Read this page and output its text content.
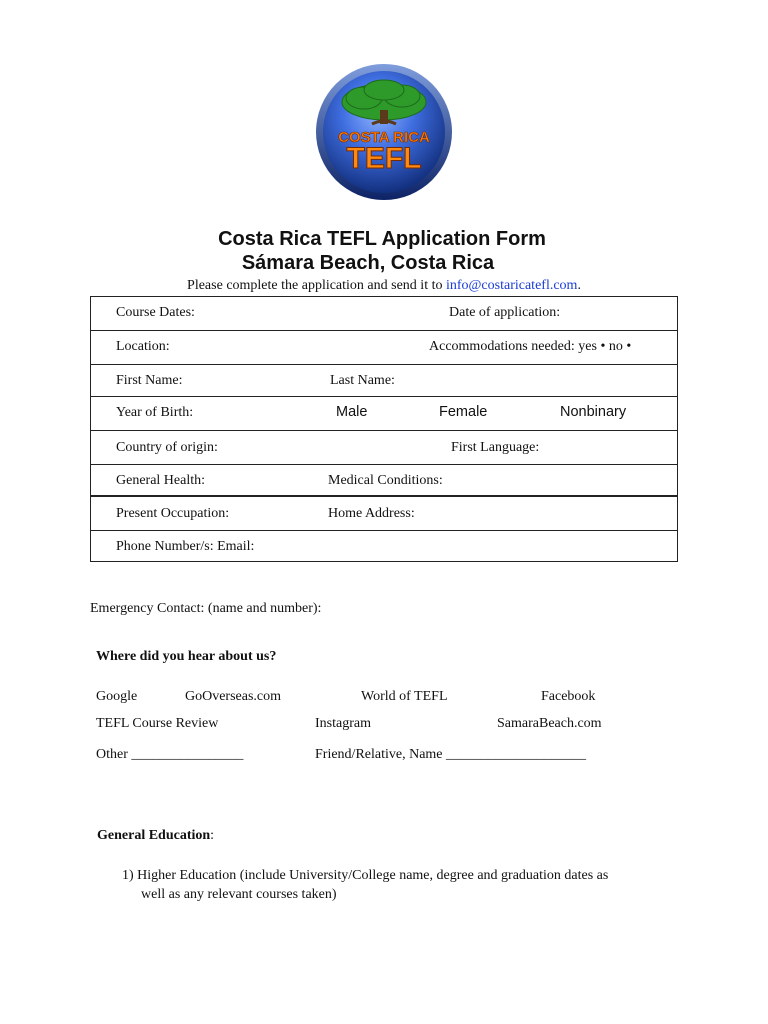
COSTA RICA
TEFL
Costa Rica TEFL Application Form
Sámara Beach, Costa Rica
Please complete the application and send it to info@costaricatefl.com.
Course Dates:	Date of application:
Location:	Accommodations needed: yes • no •
First Name:	Last Name:
Year of Birth:	Male	Female	Nonbinary
Country of origin:	First Language:
General Health:	Medical Conditions:
Present Occupation:	Home Address:
Phone Number/s: Email:
Emergency Contact: (name and number):
Where did you hear about us?
Google	GoOverseas.com	World of TEFL	Facebook
TEFL Course Review	Instagram	SamaraBeach.com
Other ________________	Friend/Relative, Name ____________________
General Education:
1) Higher Education (include University/College name, degree and graduation dates as
well as any relevant courses taken)
